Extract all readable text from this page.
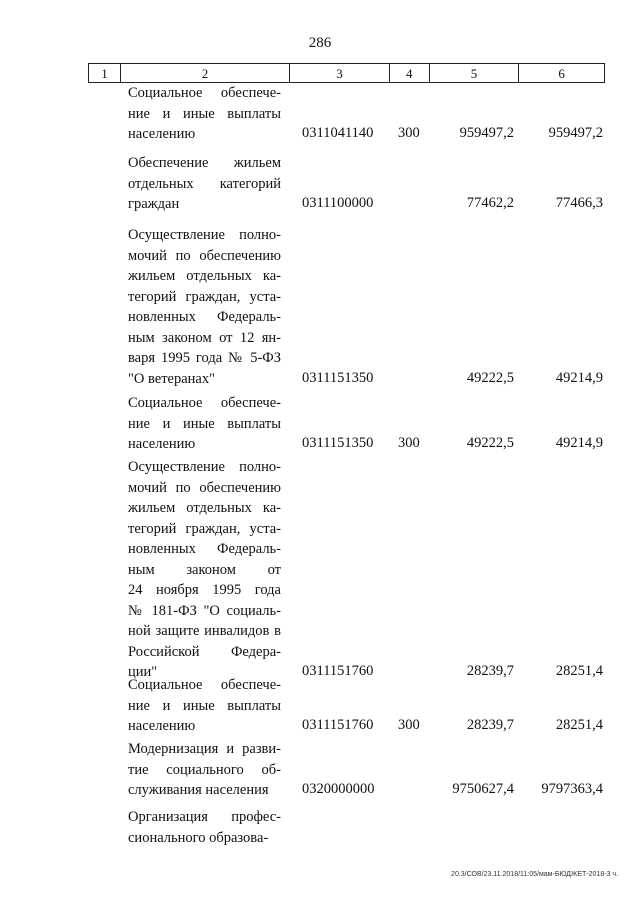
286
1	2	3	4	5	6
Социальное обеспече-
ние и иные выплаты
населению	0311041140 300	959497,2 959497,2
Обеспечение жильем
отдельных категорий
граждан	0311100000	77462,2	77466,3
Осуществление полно-
мочий по обеспечению
жильем отдельных ка-
тегорий граждан, уста-
новленных Федераль-
ным законом от 12 ян-
варя 1995 года № 5-ФЗ
"О ветеранах"	0311151350	49222,5	49214,9
Социальное обеспече-
ние и иные выплаты
населению	0311151350 300	49222,5	49214,9
Осуществление полно-
мочий по обеспечению
жильем отдельных ка-
тегорий граждан, уста-
новленных Федераль-
ным законом от
24 ноября 1995 года
№ 181-ФЗ "О социаль-
ной защите инвалидов в
Российской Федера-
ции"	0311151760	28239,7	28251,4
Социальное обеспече-
ние и иные выплаты
населению	0311151760 300	28239,7	28251,4
Модернизация и разви-
тие социального об-
служивания населения	0320000000	9750627,4 9797363,4
Организация профес-
сионального образова-
20.3/СОВ/23.11.2018/11:05/мам-БЮДЖЕТ-2018-3 ч.
